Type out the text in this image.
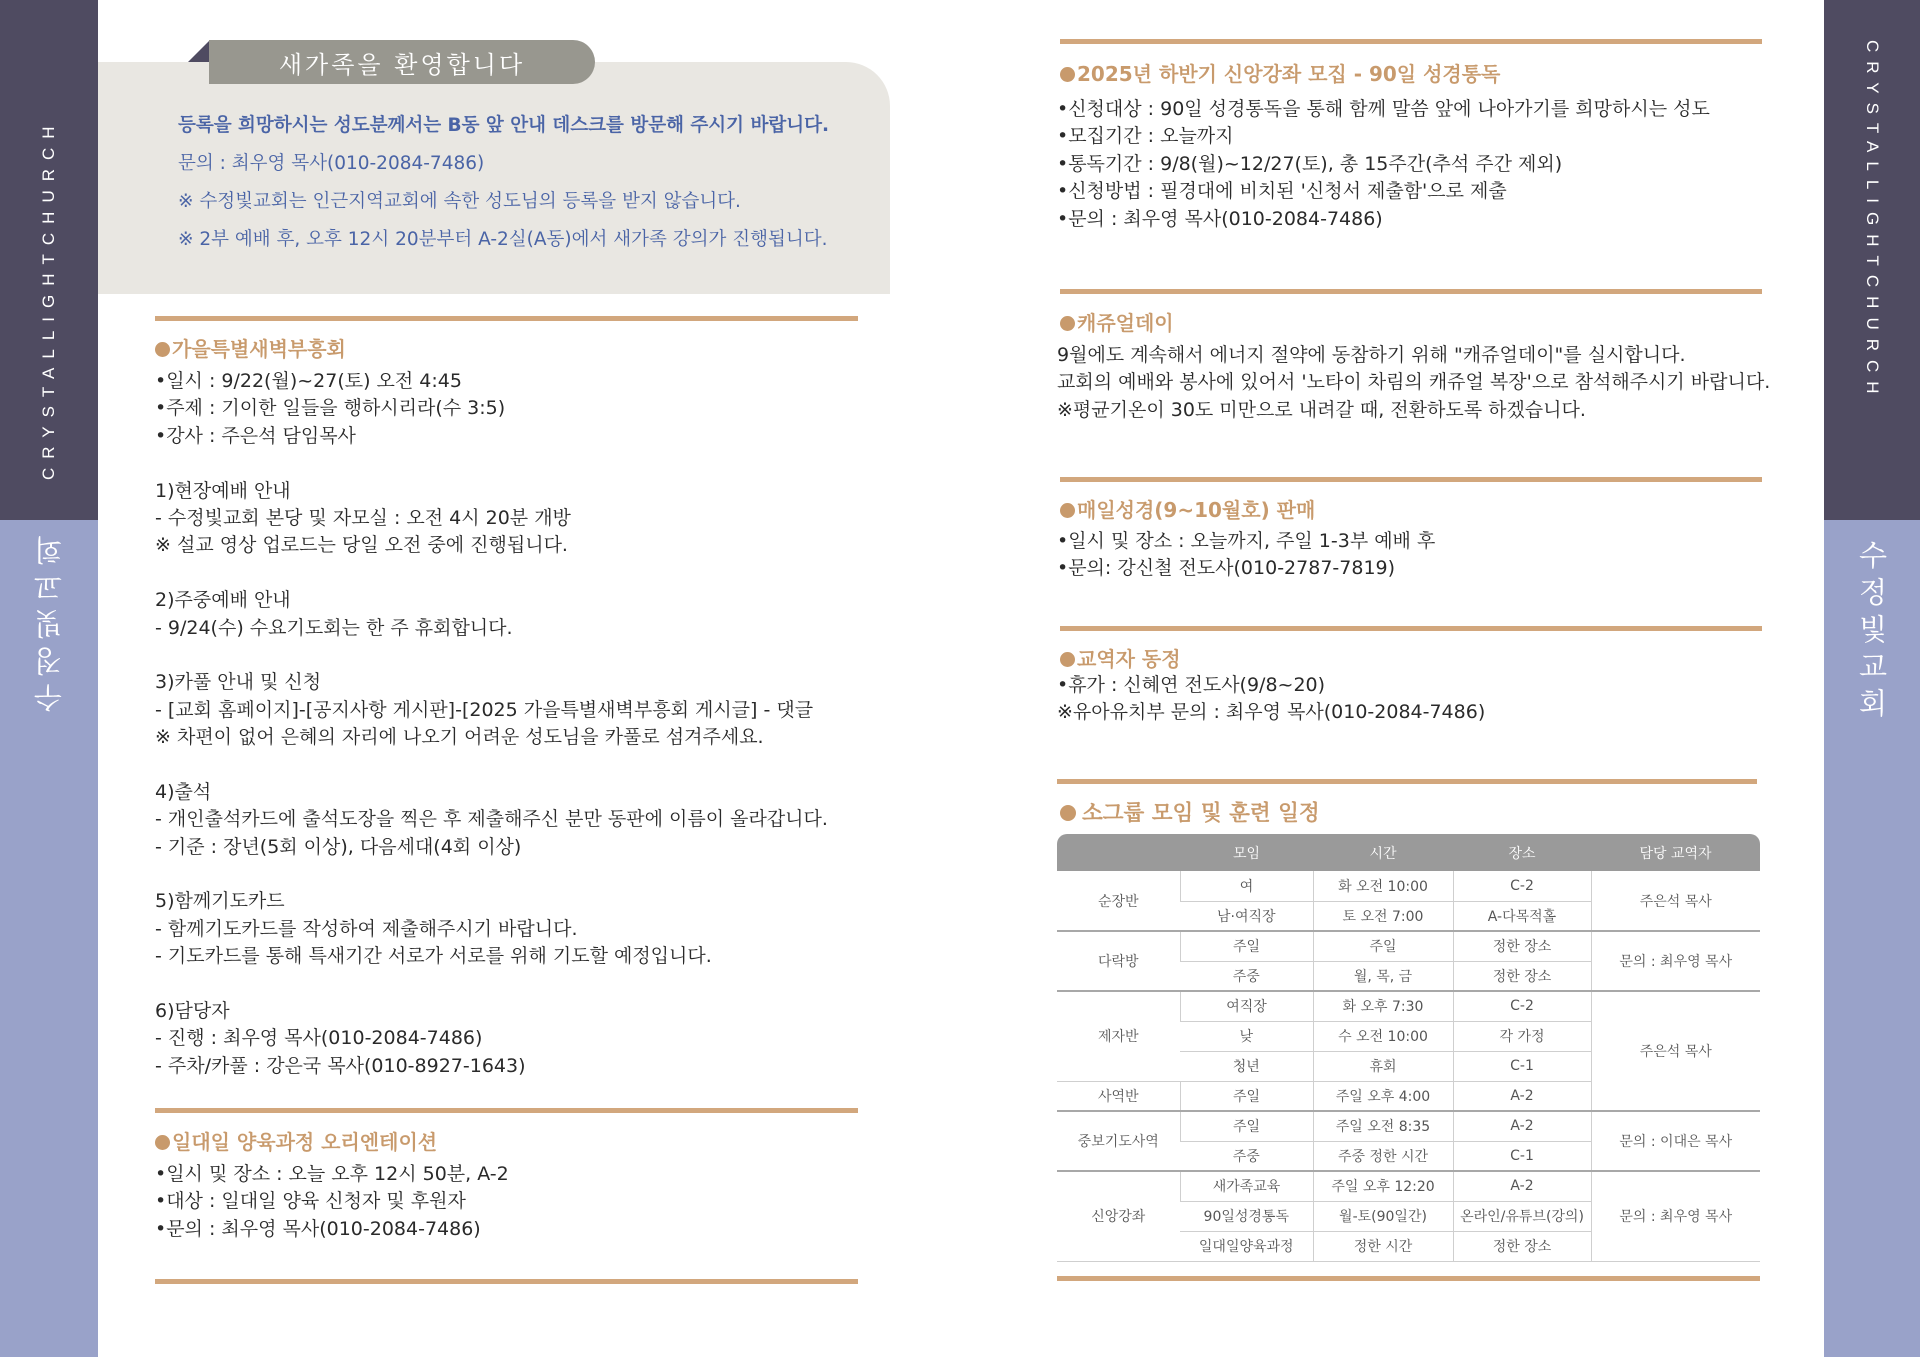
CRYSTALLIGHTCHURCH
수정빛교회
CRYSTALLIGHTCHURCH
수정빛교회
새가족을 환영합니다
등록을 희망하시는 성도분께서는 B동 앞 안내 데스크를 방문해 주시기 바랍니다.
문의 : 최우영 목사(010-2084-7486)
※ 수정빛교회는 인근지역교회에 속한 성도님의 등록을 받지 않습니다.
※ 2부 예배 후, 오후 12시 20분부터 A-2실(A동)에서 새가족 강의가 진행됩니다.
가을특별새벽부흥회
•일시 : 9/22(월)~27(토) 오전 4:45
•주제 : 기이한 일들을 행하시리라(수 3:5)
•강사 : 주은석 담임목사
1)현장예배 안내
- 수정빛교회 본당 및 자모실 : 오전 4시 20분 개방
※ 설교 영상 업로드는 당일 오전 중에 진행됩니다.
2)주중예배 안내
- 9/24(수) 수요기도회는 한 주 휴회합니다.
3)카풀 안내 및 신청
- [교회 홈페이지]-[공지사항 게시판]-[2025 가을특별새벽부흥회 게시글] - 댓글
※ 차편이 없어 은혜의 자리에 나오기 어려운 성도님을 카풀로 섬겨주세요.
4)출석
- 개인출석카드에 출석도장을 찍은 후 제출해주신 분만 동판에 이름이 올라갑니다.
- 기준 : 장년(5회 이상), 다음세대(4회 이상)
5)함께기도카드
- 함께기도카드를 작성하여 제출해주시기 바랍니다.
- 기도카드를 통해 특새기간 서로가 서로를 위해 기도할 예정입니다.
6)담당자
- 진행 : 최우영 목사(010-2084-7486)
- 주차/카풀 : 강은국 목사(010-8927-1643)
일대일 양육과정 오리엔테이션
•일시 및 장소 : 오늘 오후 12시 50분, A-2
•대상 : 일대일 양육 신청자 및 후원자
•문의 : 최우영 목사(010-2084-7486)
2025년 하반기 신앙강좌 모집 - 90일 성경통독
•신청대상 : 90일 성경통독을 통해 함께 말씀 앞에 나아가기를 희망하시는 성도
•모집기간 : 오늘까지
•통독기간 : 9/8(월)~12/27(토), 총 15주간(추석 주간 제외)
•신청방법 : 필경대에 비치된 '신청서 제출함'으로 제출
•문의 : 최우영 목사(010-2084-7486)
캐쥬얼데이
9월에도 계속해서 에너지 절약에 동참하기 위해 "캐쥬얼데이"를 실시합니다.
교회의 예배와 봉사에 있어서 '노타이 차림의 캐쥬얼 복장'으로 참석해주시기 바랍니다.
※평균기온이 30도 미만으로 내려갈 때, 전환하도록 하겠습니다.
매일성경(9~10월호) 판매
•일시 및 장소 : 오늘까지, 주일 1-3부 예배 후
•문의: 강신철 전도사(010-2787-7819)
교역자 동정
•휴가 : 신혜연 전도사(9/8~20)
※유아유치부 문의 : 최우영 목사(010-2084-7486)
소그룹 모임 및 훈련 일정
	모임	시간	장소	담당 교역자
순장반	여	화 오전 10:00	C-2	주은석 목사
	남·여직장	토 오전 7:00	A-다목적홀	
다락방	주일	주일	정한 장소	문의 : 최우영 목사
	주중	월, 목, 금	정한 장소	
제자반	여직장	화 오후 7:30	C-2	주은석 목사
	낮	수 오전 10:00	각 가정	
	청년	휴회	C-1	
사역반	주일	주일 오후 4:00	A-2	
중보기도사역	주일	주일 오전 8:35	A-2	문의 : 이대은 목사
	주중	주중 정한 시간	C-1	
신앙강좌	새가족교육	주일 오후 12:20	A-2	문의 : 최우영 목사
	90일성경통독	월-토(90일간)	온라인/유튜브(강의)	
	일대일양육과정	정한 시간	정한 장소	
